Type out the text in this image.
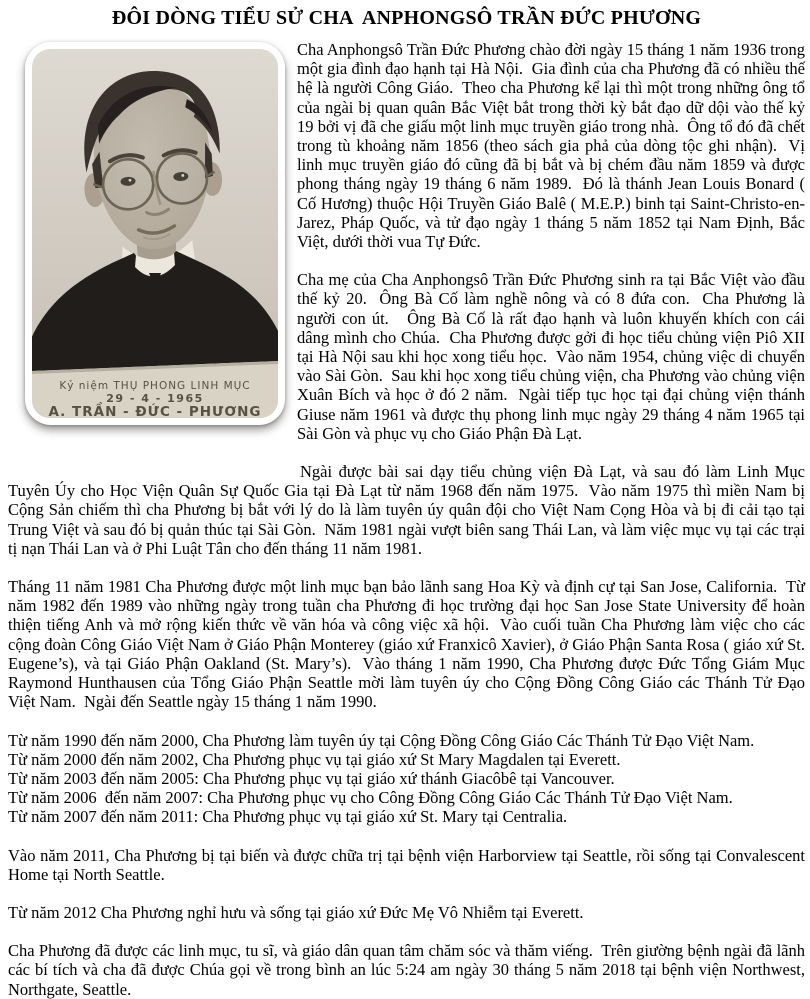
ĐÔI DÒNG TIỂU SỬ CHA  ANPHONGSÔ TRẦN ĐỨC PHƯƠNG
Kỷ niệm THỤ PHONG LINH MỤC
29 - 4 - 1965
A. TRẦN - ĐỨC - PHƯƠNG

Cha Anphongsô Trần Đức Phương chào đời ngày 15 tháng 1 năm 1936 trong một gia đình đạo hạnh tại Hà Nội.  Gia đình của cha Phương đã có nhiều thế hệ là người Công Giáo.  Theo cha Phương kể lại thì một trong những ông tổ của ngài bị quan quân Bắc Việt bắt trong thời kỳ bắt đạo dữ dội vào thế kỷ 19 bởi vị đã che giấu một linh mục truyền giáo trong nhà.  Ông tổ đó đã chết trong tù khoảng năm 1856 (theo sách gia phả của dòng tộc ghi nhận).  Vị linh mục truyền giáo đó cũng đã bị bắt và bị chém đầu năm 1859 và được phong tháng ngày 19 tháng 6 năm 1989.  Đó là thánh Jean Louis Bonard ( Cố Hương) thuộc Hội Truyền Giáo Balê ( M.E.P.) binh tại Saint-Christo-en-Jarez, Pháp Quốc, và tử đạo ngày 1 tháng 5 năm 1852 tại Nam Định, Bắc Việt, dưới thời vua Tự Đức.

Cha mẹ của Cha Anphongsô Trần Đức Phương sinh ra tại Bắc Việt vào đầu thế kỷ 20.  Ông Bà Cố làm nghề nông và có 8 đứa con.  Cha Phương là người con út.   Ông Bà Cố là rất đạo hạnh và luôn khuyến khích con cái dâng mình cho Chúa.  Cha Phương được gởi đi học tiểu chủng viện Piô XII tại Hà Nội sau khi học xong tiểu học.  Vào năm 1954, chủng việc di chuyển vào Sài Gòn.  Sau khi học xong tiểu chủng viện, cha Phương vào chủng viện Xuân Bích và học ở đó 2 năm.  Ngài tiếp tục học tại đại chủng viện thánh Giuse năm 1961 và được thụ phong linh mục ngày 29 tháng 4 năm 1965 tại Sài Gòn và phục vụ cho Giáo Phận Đà Lạt.

Ngài được bài sai dạy tiểu chủng viện Đà Lạt, và sau đó làm Linh Mục Tuyên Úy cho Học Viện Quân Sự Quốc Gia tại Đà Lạt từ năm 1968 đến năm 1975.  Vào năm 1975 thì miền Nam bị Cộng Sản chiếm thì cha Phương bị bắt với lý do là làm tuyên úy quân đội cho Việt Nam Cọng Hòa và bị đi cải tạo tại Trung Việt và sau đó bị quản thúc tại Sài Gòn.  Năm 1981 ngài vượt biên sang Thái Lan, và làm việc mục vụ tại các trại tị nạn Thái Lan và ở Phi Luật Tân cho đến tháng 11 năm 1981.

Tháng 11 năm 1981 Cha Phương được một linh mục bạn bảo lãnh sang Hoa Kỳ và định cự tại San Jose, California.  Từ năm 1982 đến 1989 vào những ngày trong tuần cha Phương đi học trường đại học San Jose State University để hoàn thiện tiếng Anh và mở rộng kiến thức về văn hóa và công việc xã hội.  Vào cuối tuần Cha Phương làm việc cho các cộng đoàn Công Giáo Việt Nam ở Giáo Phận Monterey (giáo xứ Franxicô Xavier), ở Giáo Phận Santa Rosa ( giáo xứ St. Eugene’s), và tại Giáo Phận Oakland (St. Mary’s).  Vào tháng 1 năm 1990, Cha Phương được Đức Tổng Giám Mục Raymond Hunthausen của Tổng Giáo Phận Seattle mời làm tuyên úy cho Cộng Đồng Công Giáo các Thánh Tử Đạo Việt Nam.  Ngài đến Seattle ngày 15 tháng 1 năm 1990.

Từ năm 1990 đến năm 2000, Cha Phương làm tuyên úy tại Cộng Đồng Công Giáo Các Thánh Tử Đạo Việt Nam.

Từ năm 2000 đến năm 2002, Cha Phương phục vụ tại giáo xứ St Mary Magdalen tại Everett.

Từ năm 2003 đến năm 2005: Cha Phương phục vụ tại giáo xứ thánh Giacôbê tại Vancouver.

Từ năm 2006  đến năm 2007: Cha Phương phục vụ cho Công Đồng Công Giáo Các Thánh Tử Đạo Việt Nam.

Từ năm 2007 đến năm 2011: Cha Phương phục vụ tại giáo xứ St. Mary tại Centralia.

Vào năm 2011, Cha Phương bị tại biến và được chữa trị tại bệnh viện Harborview tại Seattle, rồi sống tại Convalescent Home tại North Seattle.

Từ năm 2012 Cha Phương nghỉ hưu và sống tại giáo xứ Đức Mẹ Vô Nhiễm tại Everett.

Cha Phương đã được các linh mục, tu sĩ, và giáo dân quan tâm chăm sóc và thăm viếng.  Trên giường bệnh ngài đã lãnh các bí tích và cha đã được Chúa gọi về trong bình an lúc 5:24 am ngày 30 tháng 5 năm 2018 tại bệnh viện Northwest, Northgate, Seattle.
